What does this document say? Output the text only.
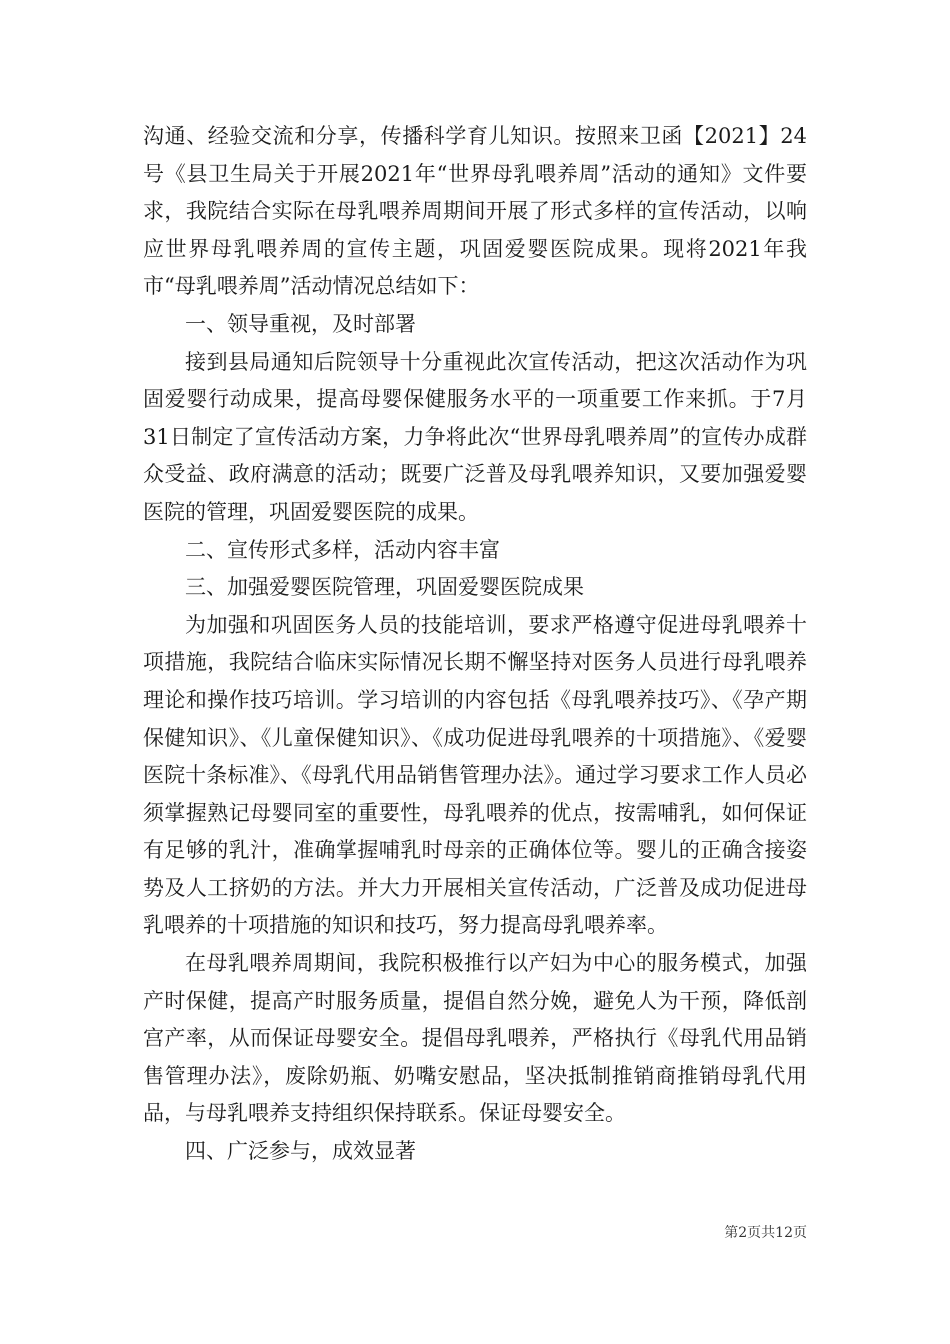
沟通、经验交流和分享，传播科学育儿知识。按照来卫函【2021】24号《县卫生局关于开展2021年“世界母乳喂养周”活动的通知》文件要求，我院结合实际在母乳喂养周期间开展了形式多样的宣传活动，以响应世界母乳喂养周的宣传主题，巩固爱婴医院成果。现将2021年我市“母乳喂养周”活动情况总结如下：

一、领导重视，及时部署

接到县局通知后院领导十分重视此次宣传活动，把这次活动作为巩固爱婴行动成果，提高母婴保健服务水平的一项重要工作来抓。于7月31日制定了宣传活动方案，力争将此次“世界母乳喂养周”的宣传办成群众受益、政府满意的活动；既要广泛普及母乳喂养知识，又要加强爱婴医院的管理，巩固爱婴医院的成果。

二、宣传形式多样，活动内容丰富

三、加强爱婴医院管理，巩固爱婴医院成果

为加强和巩固医务人员的技能培训，要求严格遵守促进母乳喂养十项措施，我院结合临床实际情况长期不懈坚持对医务人员进行母乳喂养理论和操作技巧培训。学习培训的内容包括《母乳喂养技巧》、《孕产期保健知识》、《儿童保健知识》、《成功促进母乳喂养的十项措施》、《爱婴医院十条标准》、《母乳代用品销售管理办法》。通过学习要求工作人员必须掌握熟记母婴同室的重要性，母乳喂养的优点，按需哺乳，如何保证有足够的乳汁，准确掌握哺乳时母亲的正确体位等。婴儿的正确含接姿势及人工挤奶的方法。并大力开展相关宣传活动，广泛普及成功促进母乳喂养的十项措施的知识和技巧，努力提高母乳喂养率。

在母乳喂养周期间，我院积极推行以产妇为中心的服务模式，加强产时保健，提高产时服务质量，提倡自然分娩，避免人为干预，降低剖宫产率，从而保证母婴安全。提倡母乳喂养，严格执行《母乳代用品销售管理办法》，废除奶瓶、奶嘴安慰品，坚决抵制推销商推销母乳代用品，与母乳喂养支持组织保持联系。保证母婴安全。

四、广泛参与，成效显著

第2页共12页
